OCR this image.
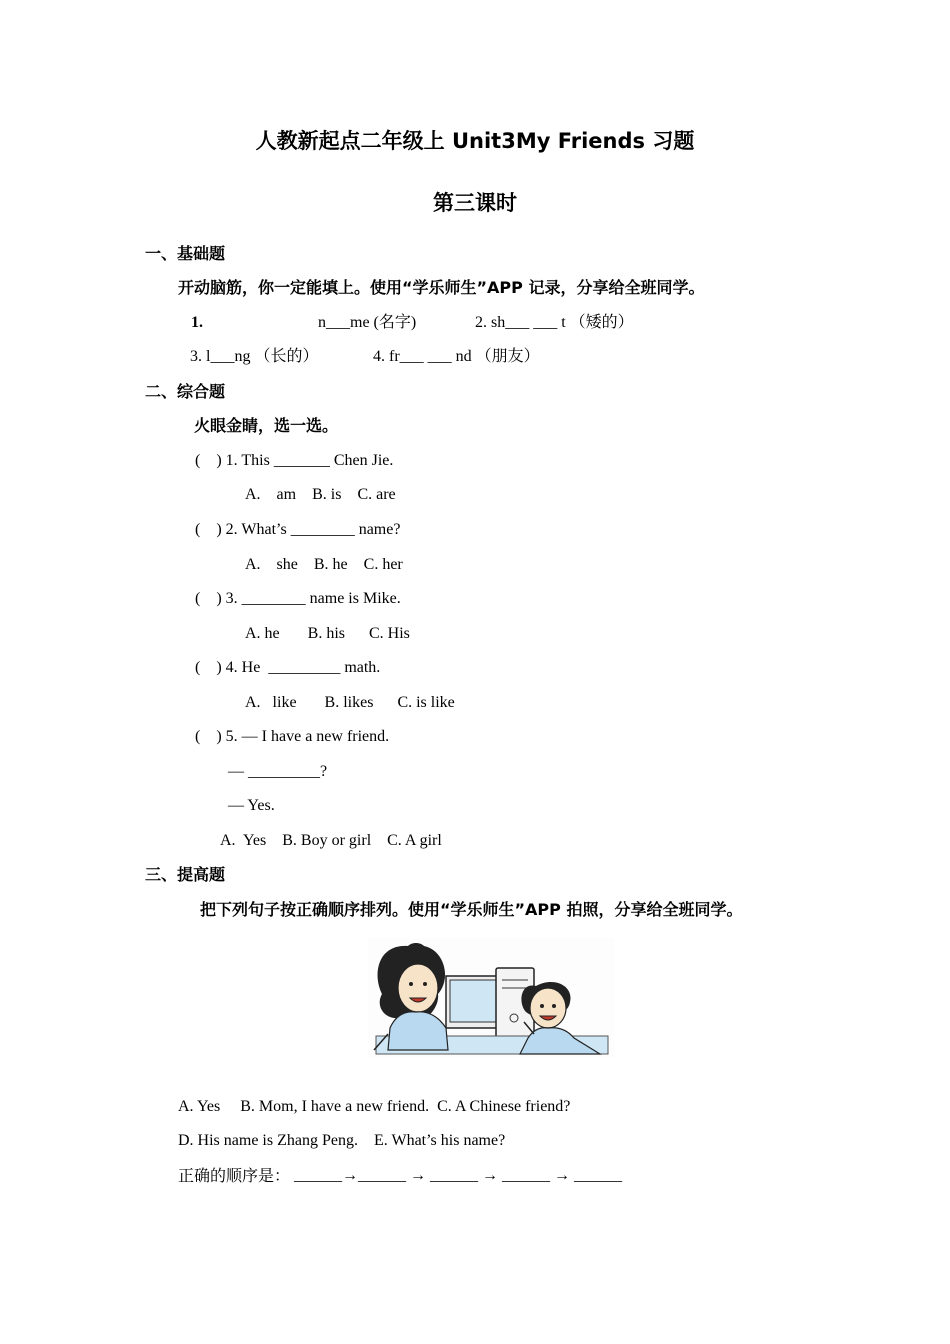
人教新起点二年级上 Unit3My Friends 习题
第三课时
一、基础题
开动脑筋，你一定能填上。使用“学乐师生”APP 记录，分享给全班同学。
1.	n___me (名字)	2. sh___ ___ t （矮的）
3. l___ng （长的）	4. fr___ ___ nd （朋友）
二、综合题
火眼金睛，选一选。
(    ) 1. This _______ Chen Jie.
A.    am    B. is    C. are
(    ) 2. What’s ________ name?
A.    she    B. he    C. her
(    ) 3. ________ name is Mike.
A. he       B. his      C. His
(    ) 4. He  _________ math.
A.   like       B. likes      C. is like
(    ) 5. — I have a new friend.
— _________?
— Yes.
A.  Yes    B. Boy or girl    C. A girl
三、提高题
把下列句子按正确顺序排列。使用“学乐师生”APP 拍照，分享给全班同学。
A. Yes     B. Mom, I have a new friend.  C. A Chinese friend?
D. His name is Zhang Peng.    E. What’s his name?
正确的顺序是： ______→______ → ______ → ______ → ______
